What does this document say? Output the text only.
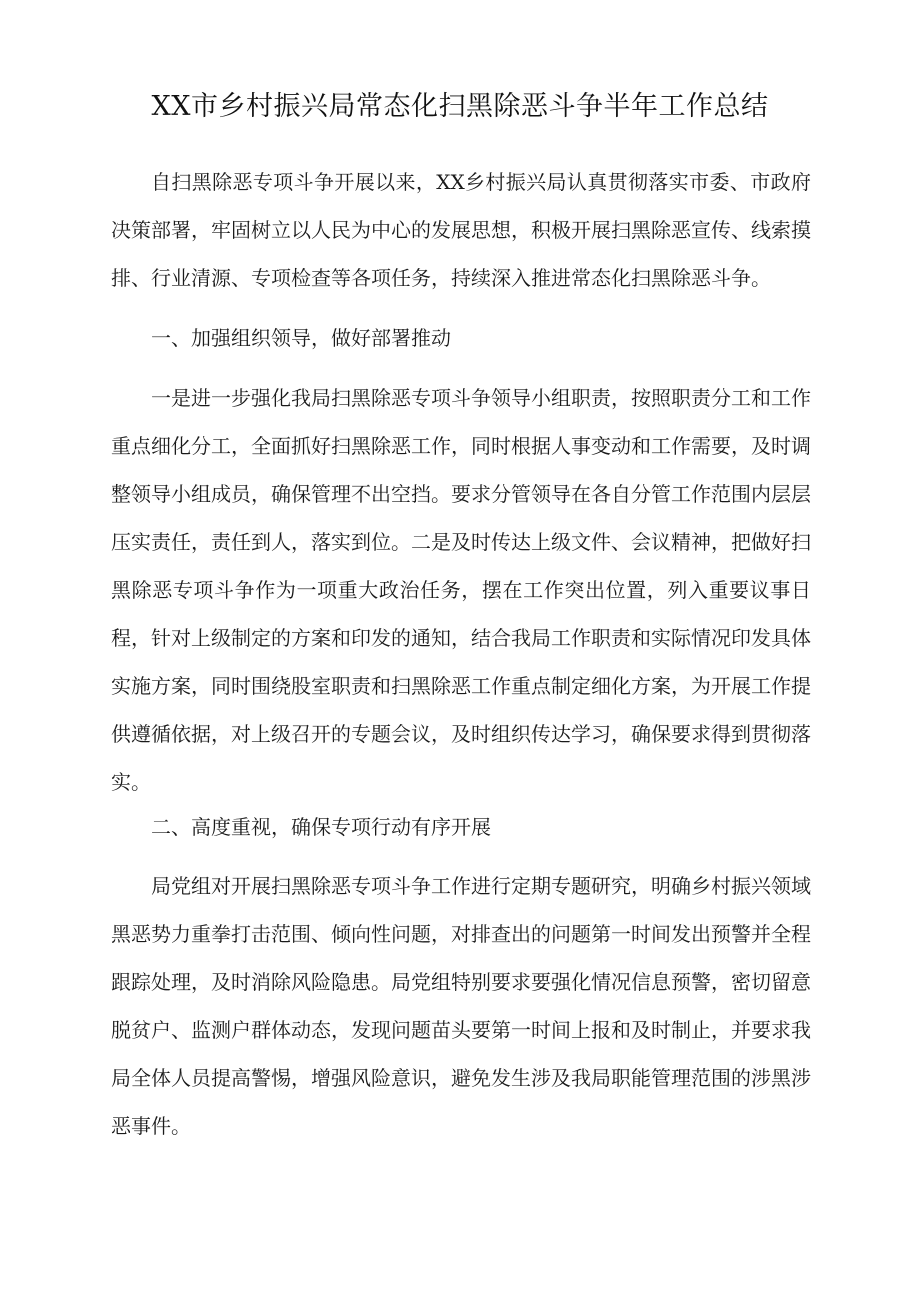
XX市乡村振兴局常态化扫黑除恶斗争半年工作总结

自扫黑除恶专项斗争开展以来，XX乡村振兴局认真贯彻落实市委、市政府决策部署，牢固树立以人民为中心的发展思想，积极开展扫黑除恶宣传、线索摸排、行业清源、专项检查等各项任务，持续深入推进常态化扫黑除恶斗争。

一、加强组织领导，做好部署推动

一是进一步强化我局扫黑除恶专项斗争领导小组职责，按照职责分工和工作重点细化分工，全面抓好扫黑除恶工作，同时根据人事变动和工作需要，及时调整领导小组成员，确保管理不出空挡。要求分管领导在各自分管工作范围内层层压实责任，责任到人，落实到位。二是及时传达上级文件、会议精神，把做好扫黑除恶专项斗争作为一项重大政治任务，摆在工作突出位置，列入重要议事日程，针对上级制定的方案和印发的通知，结合我局工作职责和实际情况印发具体实施方案，同时围绕股室职责和扫黑除恶工作重点制定细化方案，为开展工作提供遵循依据，对上级召开的专题会议，及时组织传达学习，确保要求得到贯彻落实。

二、高度重视，确保专项行动有序开展

局党组对开展扫黑除恶专项斗争工作进行定期专题研究，明确乡村振兴领域黑恶势力重拳打击范围、倾向性问题，对排查出的问题第一时间发出预警并全程跟踪处理，及时消除风险隐患。局党组特别要求要强化情况信息预警，密切留意脱贫户、监测户群体动态，发现问题苗头要第一时间上报和及时制止，并要求我局全体人员提高警惕，增强风险意识，避免发生涉及我局职能管理范围的涉黑涉恶事件。
